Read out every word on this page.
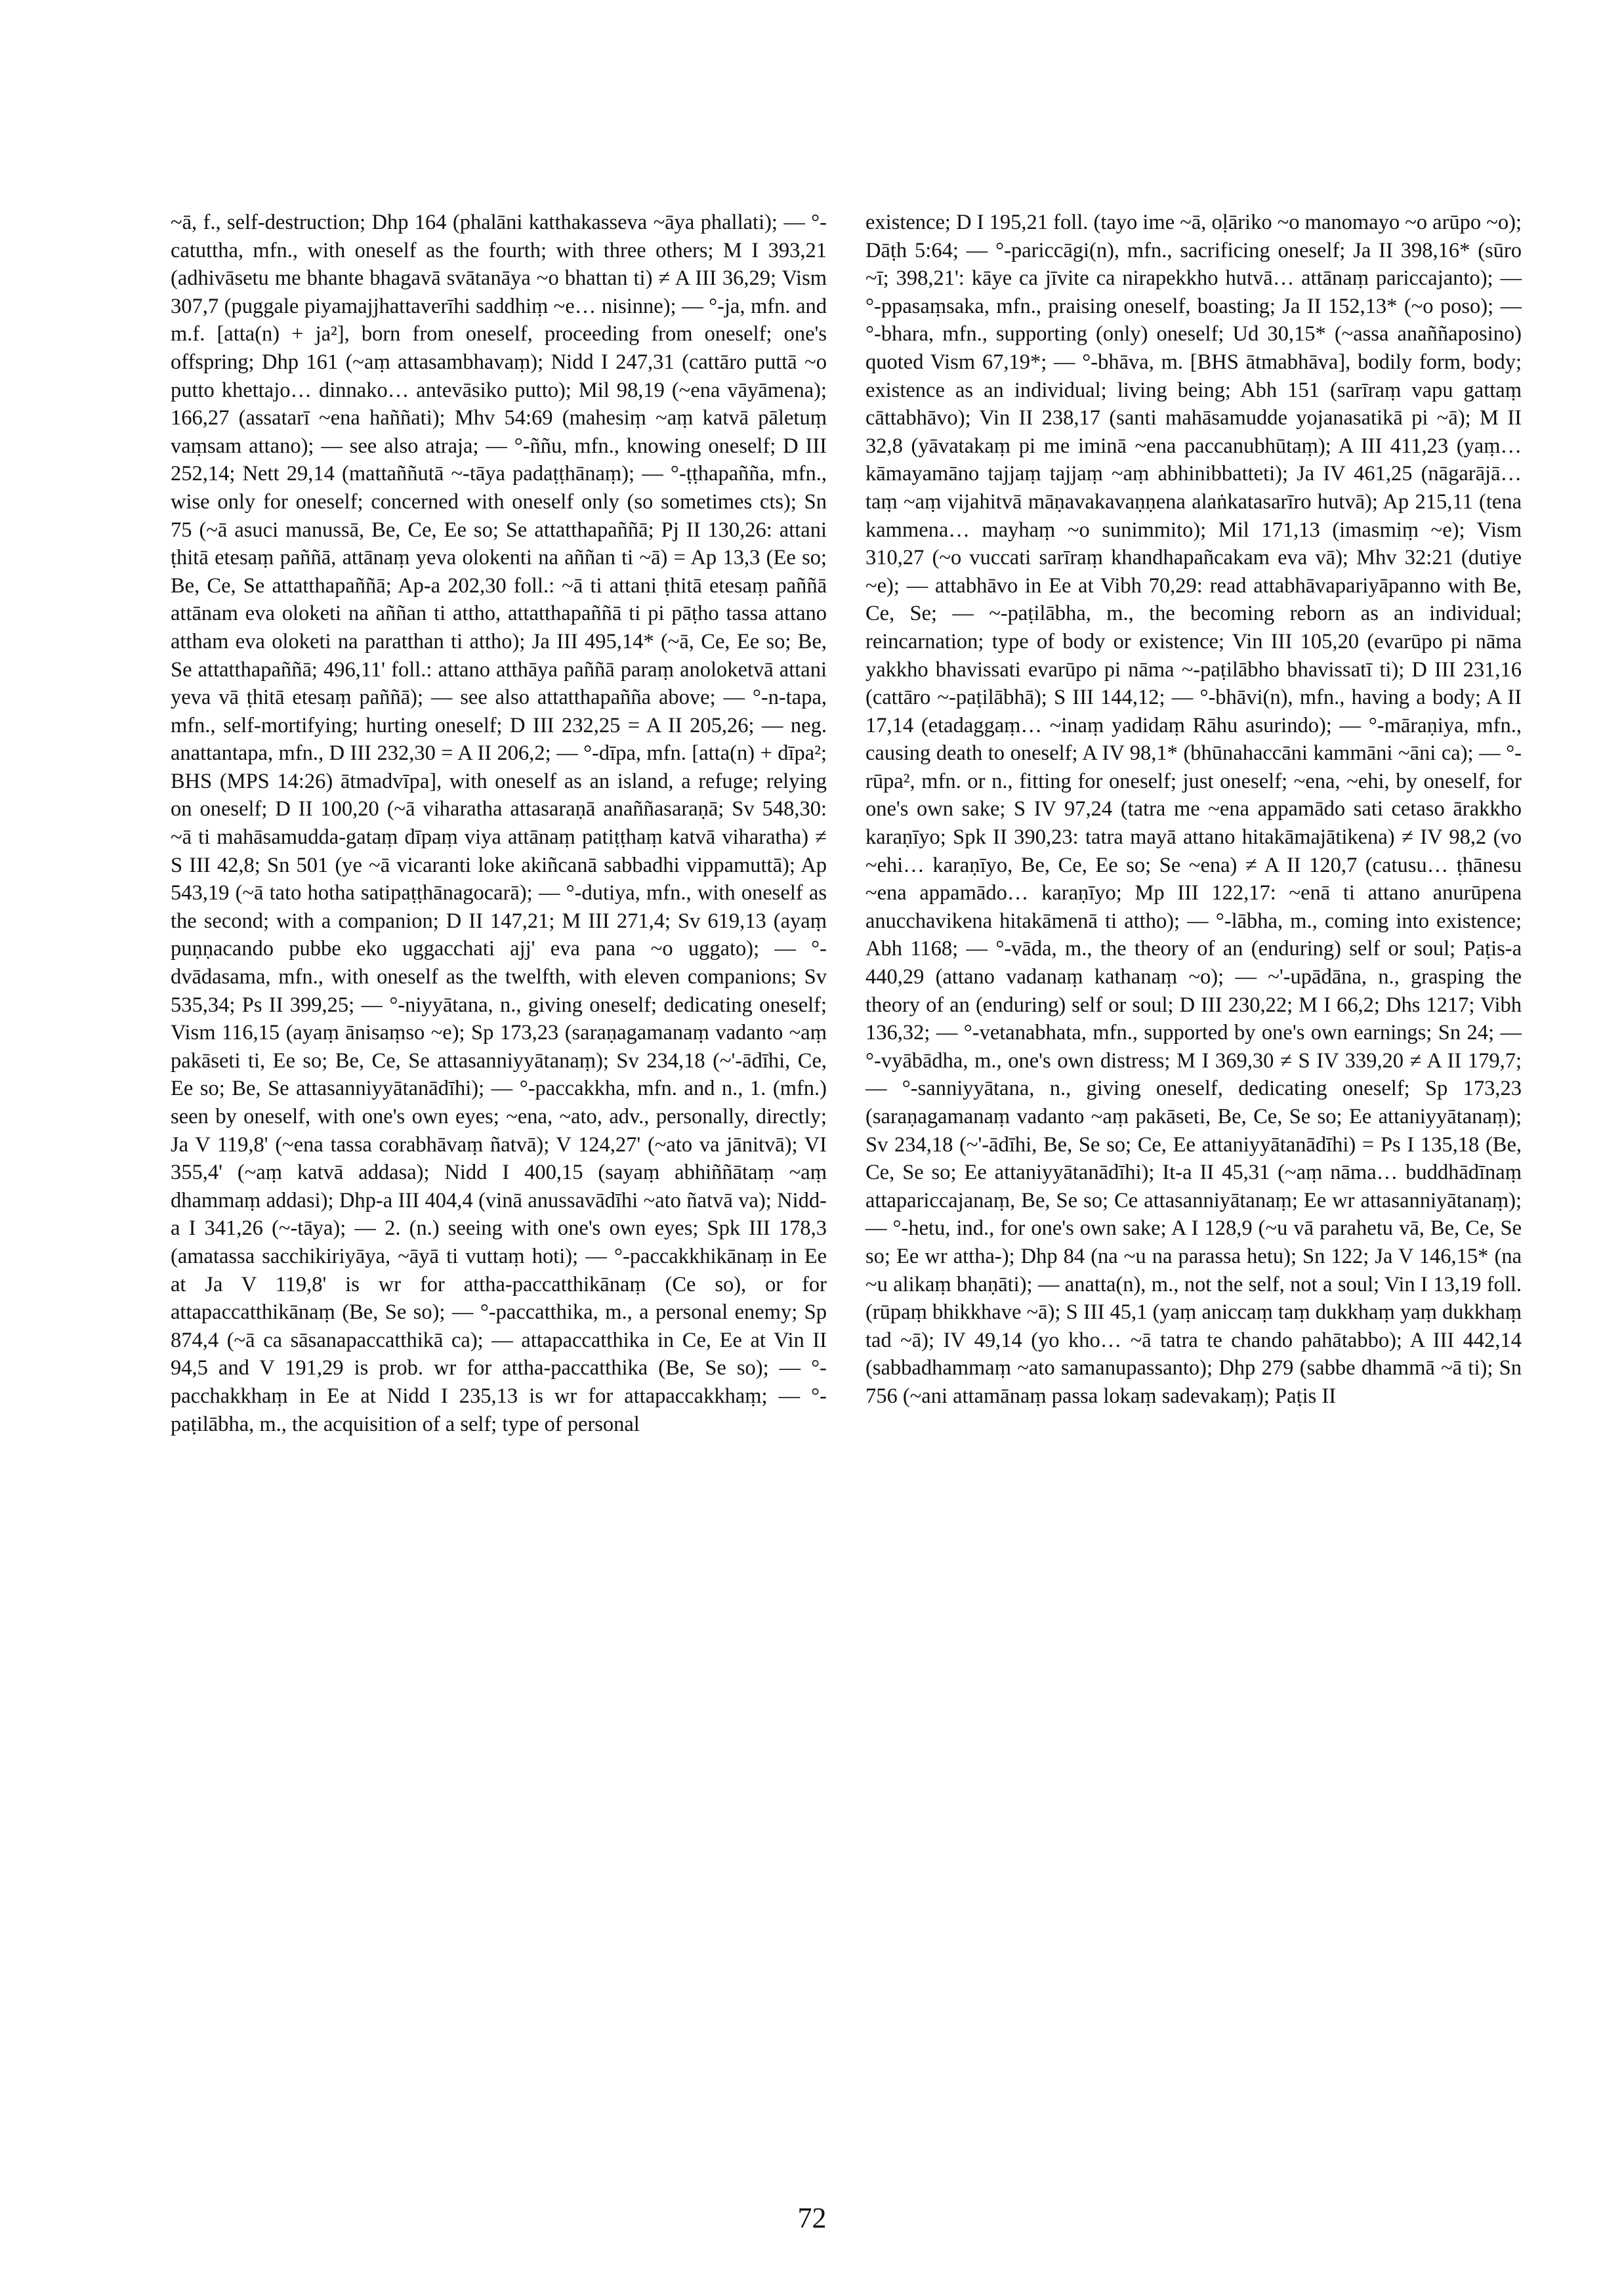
~ā, f., self-destruction; Dhp 164 (phalāni katthakasseva ~āya phallati); — °-catuttha, mfn., with oneself as the fourth; with three others; M I 393,21 (adhivāsetu me bhante bhagavā svātanāya ~o bhattan ti) ≠ A III 36,29; Vism 307,7 (puggale piyamajjhattaverīhi saddhiṃ ~e… nisinne); — °-ja, mfn. and m.f. [atta(n) + ja²], born from oneself, proceeding from oneself; one's offspring; Dhp 161 (~aṃ attasambhavaṃ); Nidd I 247,31 (cattāro puttā ~o putto khettajo… dinnako… antevāsiko putto); Mil 98,19 (~ena vāyāmena); 166,27 (assatarī ~ena haññati); Mhv 54:69 (mahesiṃ ~aṃ katvā pāletuṃ vaṃsam attano); — see also atraja; — °-ññu, mfn., knowing oneself; D III 252,14; Nett 29,14 (mattaññutā ~-tāya padaṭṭhānaṃ); — °-ṭṭhapañña, mfn., wise only for oneself; concerned with oneself only (so sometimes cts); Sn 75 (~ā asuci manussā, Be, Ce, Ee so; Se attatthapaññā; Pj II 130,26: attani ṭhitā etesaṃ paññā, attānaṃ yeva olokenti na aññan ti ~ā) = Ap 13,3 (Ee so; Be, Ce, Se attatthapaññā; Ap-a 202,30 foll.: ~ā ti attani ṭhitā etesaṃ paññā attānam eva oloketi na aññan ti attho, attatthapaññā ti pi pāṭho tassa attano attham eva oloketi na paratthan ti attho); Ja III 495,14* (~ā, Ce, Ee so; Be, Se attatthapaññā; 496,11' foll.: attano atthāya paññā paraṃ anoloketvā attani yeva vā ṭhitā etesaṃ paññā); — see also attatthapañña above; — °-n-tapa, mfn., self-mortifying; hurting oneself; D III 232,25 = A II 205,26; — neg. anattantapa, mfn., D III 232,30 = A II 206,2; — °-dīpa, mfn. [atta(n) + dīpa²; BHS (MPS 14:26) ātmadvīpa], with oneself as an island, a refuge; relying on oneself; D II 100,20 (~ā viharatha attasaraṇā anaññasaraṇā; Sv 548,30: ~ā ti mahāsamudda-gataṃ dīpaṃ viya attānaṃ patiṭṭhaṃ katvā viharatha) ≠ S III 42,8; Sn 501 (ye ~ā vicaranti loke akiñcanā sabbadhi vippamuttā); Ap 543,19 (~ā tato hotha satipaṭṭhānagocarā); — °-dutiya, mfn., with oneself as the second; with a companion; D II 147,21; M III 271,4; Sv 619,13 (ayaṃ puṇṇacando pubbe eko uggacchati ajj' eva pana ~o uggato); — °-dvādasama, mfn., with oneself as the twelfth, with eleven companions; Sv 535,34; Ps II 399,25; — °-niyyātana, n., giving oneself; dedicating oneself; Vism 116,15 (ayaṃ ānisaṃso ~e); Sp 173,23 (saraṇagamanaṃ vadanto ~aṃ pakāseti ti, Ee so; Be, Ce, Se attasanniyyātanaṃ); Sv 234,18 (~'-ādīhi, Ce, Ee so; Be, Se attasanniyyātanādīhi); — °-paccakkha, mfn. and n., 1. (mfn.) seen by oneself, with one's own eyes; ~ena, ~ato, adv., personally, directly; Ja V 119,8' (~ena tassa corabhāvaṃ ñatvā); V 124,27' (~ato va jānitvā); VI 355,4' (~aṃ katvā addasa); Nidd I 400,15 (sayaṃ abhiññātaṃ ~aṃ dhammaṃ addasi); Dhp-a III 404,4 (vinā anussavādīhi ~ato ñatvā va); Nidd-a I 341,26 (~-tāya); — 2. (n.) seeing with one's own eyes; Spk III 178,3 (amatassa sacchikiriyāya, ~āyā ti vuttaṃ hoti); — °-paccakkhikānaṃ in Ee at Ja V 119,8' is wr for attha-paccatthikānaṃ (Ce so), or for attapaccatthikānaṃ (Be, Se so); — °-paccatthika, m., a personal enemy; Sp 874,4 (~ā ca sāsanapaccatthikā ca); — attapaccatthika in Ce, Ee at Vin II 94,5 and V 191,29 is prob. wr for attha-paccatthika (Be, Se so); — °-pacchakkhaṃ in Ee at Nidd I 235,13 is wr for attapaccakkhaṃ; — °-paṭilābha, m., the acquisition of a self; type of personal

existence; D I 195,21 foll. (tayo ime ~ā, oḷāriko ~o manomayo ~o arūpo ~o); Dāṭh 5:64; — °-pariccāgi(n), mfn., sacrificing oneself; Ja II 398,16* (sūro ~ī; 398,21': kāye ca jīvite ca nirapekkho hutvā… attānaṃ pariccajanto); — °-ppasaṃsaka, mfn., praising oneself, boasting; Ja II 152,13* (~o poso); — °-bhara, mfn., supporting (only) oneself; Ud 30,15* (~assa anaññaposino) quoted Vism 67,19*; — °-bhāva, m. [BHS ātmabhāva], bodily form, body; existence as an individual; living being; Abh 151 (sarīraṃ vapu gattaṃ cāttabhāvo); Vin II 238,17 (santi mahāsamudde yojanasatikā pi ~ā); M II 32,8 (yāvatakaṃ pi me iminā ~ena paccanubhūtaṃ); A III 411,23 (yaṃ… kāmayamāno tajjaṃ tajjaṃ ~aṃ abhinibbatteti); Ja IV 461,25 (nāgarājā… taṃ ~aṃ vijahitvā māṇavakavaṇṇena alaṅkatasarīro hutvā); Ap 215,11 (tena kammena… mayhaṃ ~o sunimmito); Mil 171,13 (imasmiṃ ~e); Vism 310,27 (~o vuccati sarīraṃ khandhapañcakam eva vā); Mhv 32:21 (dutiye ~e); — attabhāvo in Ee at Vibh 70,29: read attabhāvapariyāpanno with Be, Ce, Se; — ~-paṭilābha, m., the becoming reborn as an individual; reincarnation; type of body or existence; Vin III 105,20 (evarūpo pi nāma yakkho bhavissati evarūpo pi nāma ~-paṭilābho bhavissatī ti); D III 231,16 (cattāro ~-paṭilābhā); S III 144,12; — °-bhāvi(n), mfn., having a body; A II 17,14 (etadaggaṃ… ~inaṃ yadidaṃ Rāhu asurindo); — °-māraṇiya, mfn., causing death to oneself; A IV 98,1* (bhūnahaccāni kammāni ~āni ca); — °-rūpa², mfn. or n., fitting for oneself; just oneself; ~ena, ~ehi, by oneself, for one's own sake; S IV 97,24 (tatra me ~ena appamādo sati cetaso ārakkho karaṇīyo; Spk II 390,23: tatra mayā attano hitakāmajātikena) ≠ IV 98,2 (vo ~ehi… karaṇīyo, Be, Ce, Ee so; Se ~ena) ≠ A II 120,7 (catusu… ṭhānesu ~ena appamādo… karaṇīyo; Mp III 122,17: ~enā ti attano anurūpena anucchavikena hitakāmenā ti attho); — °-lābha, m., coming into existence; Abh 1168; — °-vāda, m., the theory of an (enduring) self or soul; Paṭis-a 440,29 (attano vadanaṃ kathanaṃ ~o); — ~'-upādāna, n., grasping the theory of an (enduring) self or soul; D III 230,22; M I 66,2; Dhs 1217; Vibh 136,32; — °-vetanabhata, mfn., supported by one's own earnings; Sn 24; — °-vyābādha, m., one's own distress; M I 369,30 ≠ S IV 339,20 ≠ A II 179,7; — °-sanniyyātana, n., giving oneself, dedicating oneself; Sp 173,23 (saraṇagamanaṃ vadanto ~aṃ pakāseti, Be, Ce, Se so; Ee attaniyyātanaṃ); Sv 234,18 (~'-ādīhi, Be, Se so; Ce, Ee attaniyyātanādīhi) = Ps I 135,18 (Be, Ce, Se so; Ee attaniyyātanādīhi); It-a II 45,31 (~aṃ nāma… buddhādīnaṃ attapariccajanaṃ, Be, Se so; Ce attasanniyātanaṃ; Ee wr attasanniyātanaṃ); — °-hetu, ind., for one's own sake; A I 128,9 (~u vā parahetu vā, Be, Ce, Se so; Ee wr attha-); Dhp 84 (na ~u na parassa hetu); Sn 122; Ja V 146,15* (na ~u alikaṃ bhaṇāti); — anatta(n), m., not the self, not a soul; Vin I 13,19 foll. (rūpaṃ bhikkhave ~ā); S III 45,1 (yaṃ aniccaṃ taṃ dukkhaṃ yaṃ dukkhaṃ tad ~ā); IV 49,14 (yo kho… ~ā tatra te chando pahātabbo); A III 442,14 (sabbadhammaṃ ~ato samanupassanto); Dhp 279 (sabbe dhammā ~ā ti); Sn 756 (~ani attamānaṃ passa lokaṃ sadevakaṃ); Paṭis II

72
